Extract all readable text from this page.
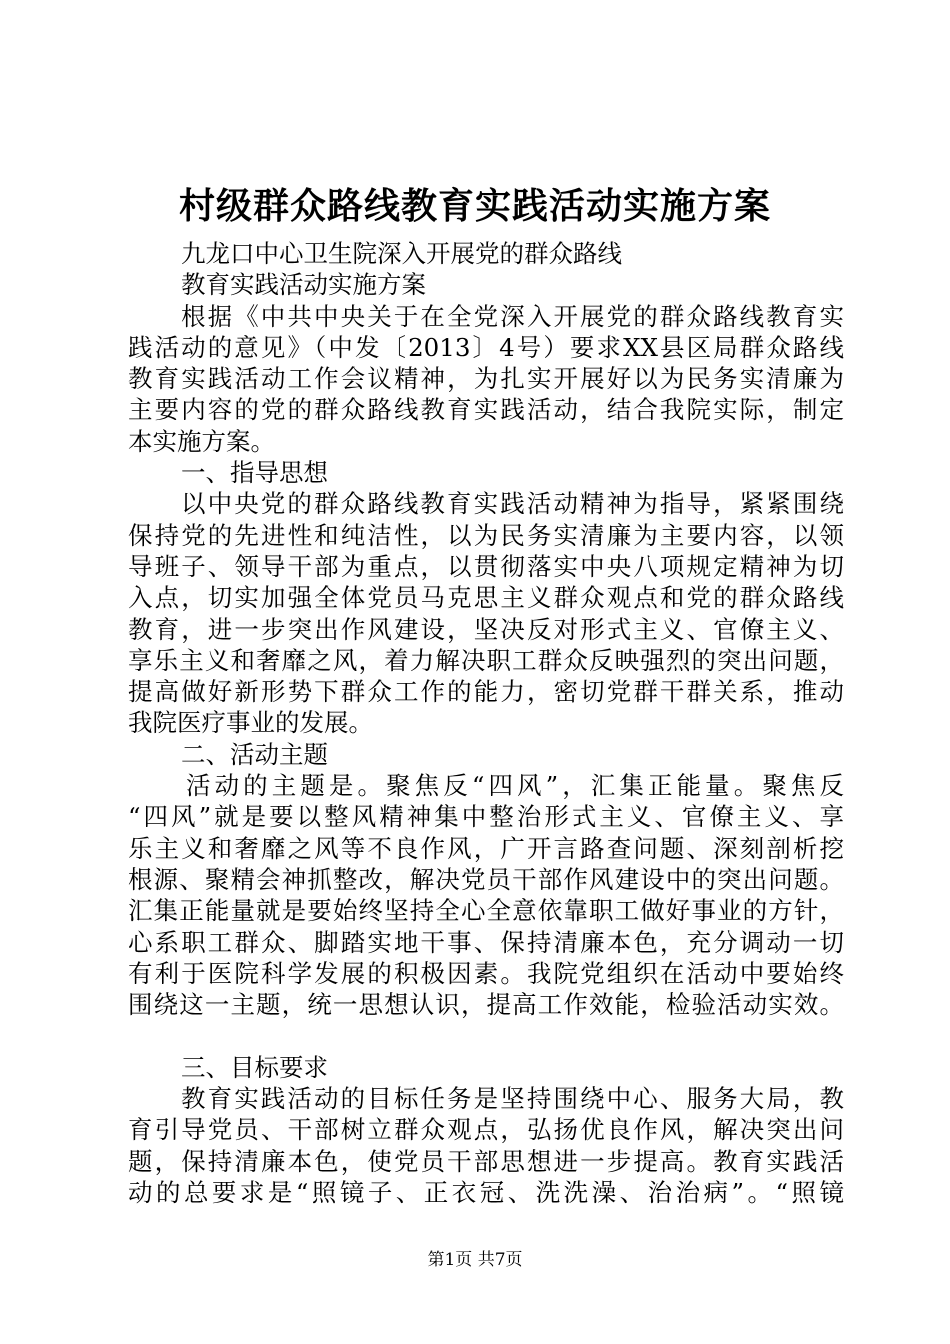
村级群众路线教育实践活动实施方案
九龙口中心卫生院深入开展党的群众路线
教育实践活动实施方案
根据《中共中央关于在全党深入开展党的群众路线教育实
践活动的意见》（中发〔2013〕4号）要求XX县区局群众路线
教育实践活动工作会议精神，为扎实开展好以为民务实清廉为
主要内容的党的群众路线教育实践活动，结合我院实际，制定
本实施方案。
一、指导思想
以中央党的群众路线教育实践活动精神为指导，紧紧围绕
保持党的先进性和纯洁性，以为民务实清廉为主要内容，以领
导班子、领导干部为重点，以贯彻落实中央八项规定精神为切
入点，切实加强全体党员马克思主义群众观点和党的群众路线
教育，进一步突出作风建设，坚决反对形式主义、官僚主义、
享乐主义和奢靡之风，着力解决职工群众反映强烈的突出问题，
提高做好新形势下群众工作的能力，密切党群干群关系，推动
我院医疗事业的发展。
二、活动主题
活动的主题是。聚焦反“四风”，汇集正能量。聚焦反
“四风”就是要以整风精神集中整治形式主义、官僚主义、享
乐主义和奢靡之风等不良作风，广开言路查问题、深刻剖析挖
根源、聚精会神抓整改，解决党员干部作风建设中的突出问题。
汇集正能量就是要始终坚持全心全意依靠职工做好事业的方针，
心系职工群众、脚踏实地干事、保持清廉本色，充分调动一切
有利于医院科学发展的积极因素。我院党组织在活动中要始终
围绕这一主题，统一思想认识，提高工作效能，检验活动实效。
三、目标要求
教育实践活动的目标任务是坚持围绕中心、服务大局，教
育引导党员、干部树立群众观点，弘扬优良作风，解决突出问
题，保持清廉本色，使党员干部思想进一步提高。教育实践活
动的总要求是“照镜子、正衣冠、洗洗澡、治治病”。“照镜
第1页 共7页
